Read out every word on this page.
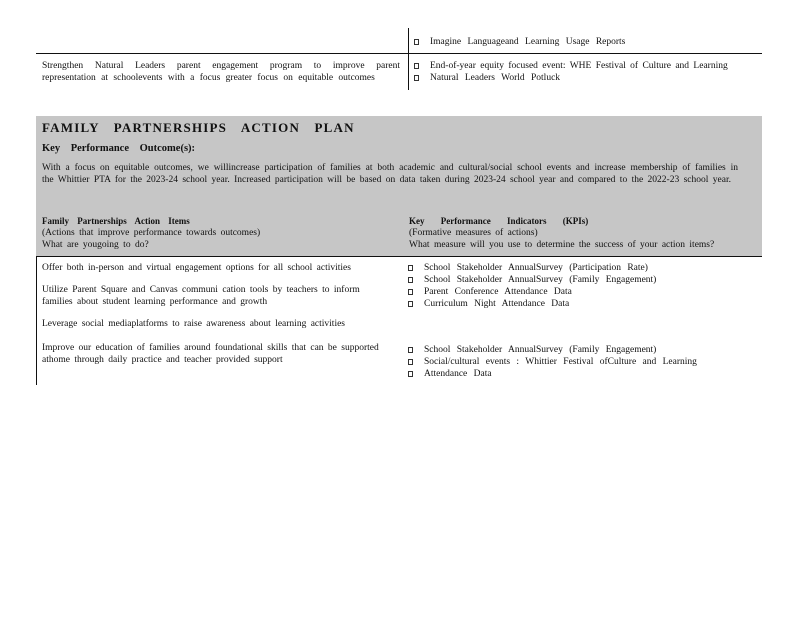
Imagine Languageand Learning Usage Reports
Strengthen Natural Leaders parent engagement program to improve parent representation at schoolevents with a focus greater focus on equitable outcomes
End-of-year equity focused event: WHE Festival of Culture and Learning
Natural Leaders World Potluck
FAMILY PARTNERSHIPS ACTION PLAN
Key Performance Outcome(s):
With a focus on equitable outcomes, we willincrease participation of families at both academic and cultural/social school events and increase membership of families in the Whittier PTA for the 2023-24 school year. Increased participation will be based on data taken during 2023-24 school year and compared to the 2022-23 school year.
Family Partnerships Action Items
(Actions that improve performance towards outcomes)
What are yougoing to do?
Key Performance Indicators (KPIs)
(Formative measures of actions)
What measure will you use to determine the success of your action items?
Offer both in-person and virtual engagement options for all school activities
Utilize Parent Square and Canvas communi cation tools by teachers to inform families about student learning performance and growth
Leverage social mediaplatforms to raise awareness about learning activities
Improve our education of families around foundational skills that can be supported athome through daily practice and teacher provided support
School Stakeholder AnnualSurvey (Participation Rate)
School Stakeholder AnnualSurvey (Family Engagement)
Parent Conference Attendance Data
Curriculum Night Attendance Data
School Stakeholder AnnualSurvey (Family Engagement)
Social/cultural events : Whittier Festival ofCulture and Learning
Attendance Data
